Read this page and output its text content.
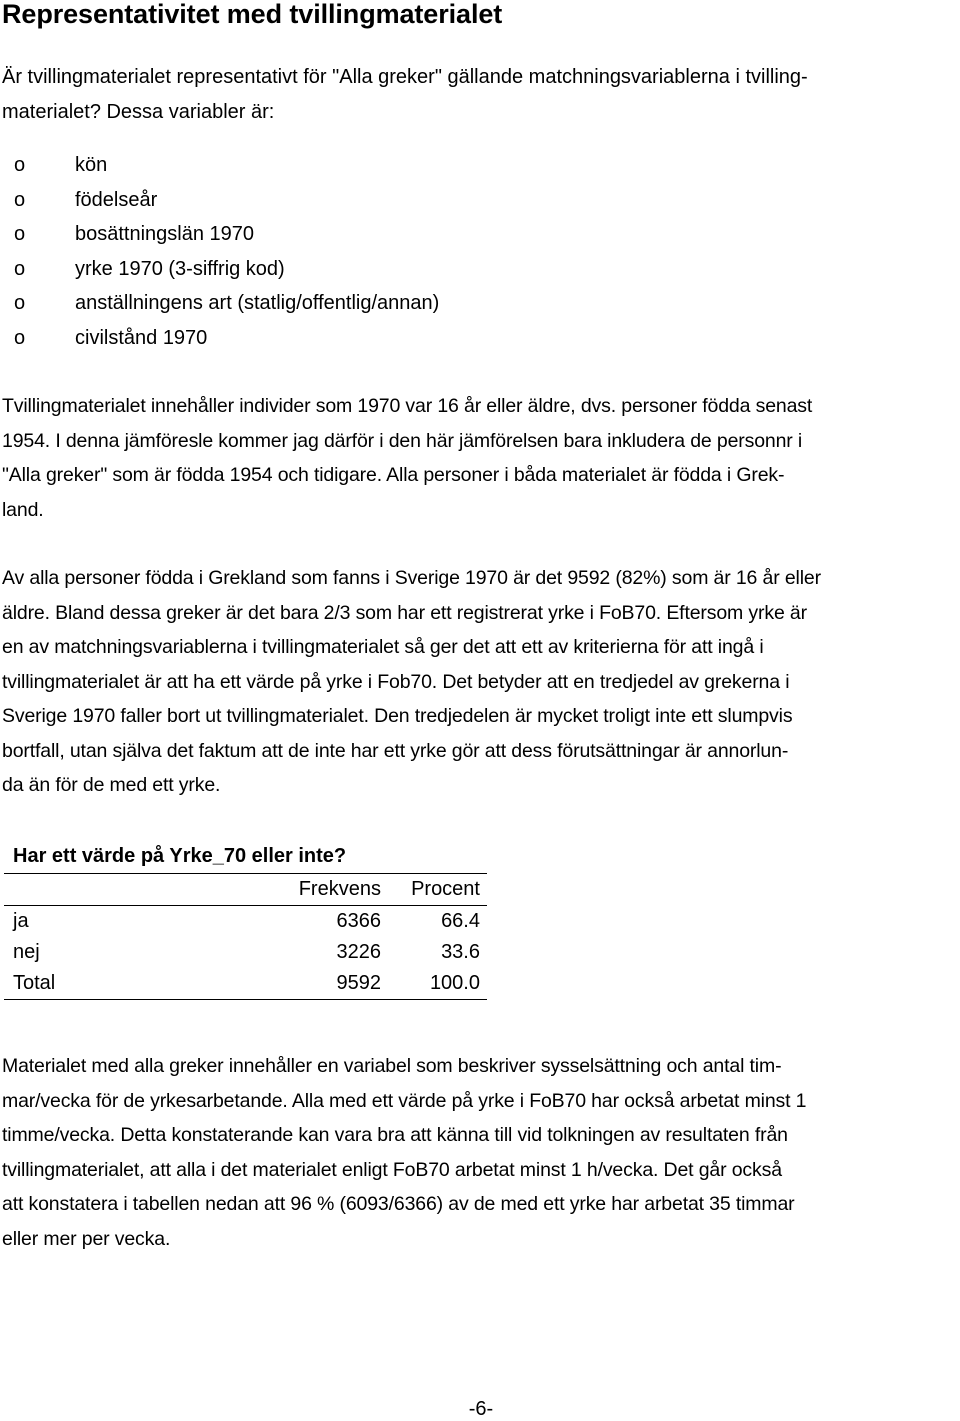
Representativitet med tvillingmaterialet
Är tvillingmaterialet representativt för "Alla greker" gällande matchningsvariablerna i tvilling-
materialet? Dessa variabler är:
o kön
o födelseår
o bosättningslän 1970
o yrke 1970 (3-siffrig kod)
o anställningens art (statlig/offentlig/annan)
o civilstånd 1970
Tvillingmaterialet innehåller individer som 1970 var 16 år eller äldre, dvs. personer födda senast
1954. I denna jämföresle kommer jag därför i den här jämförelsen bara inkludera de personnr i
"Alla greker" som är födda 1954 och tidigare. Alla personer i båda materialet är födda i Grek-
land.
Av alla personer födda i Grekland som fanns i Sverige 1970 är det 9592 (82%) som är 16 år eller
äldre. Bland dessa greker är det bara 2/3 som har ett registrerat yrke i FoB70. Eftersom yrke är
en av matchningsvariablerna i tvillingmaterialet så ger det att ett av kriterierna för att ingå i
tvillingmaterialet är att ha ett värde på yrke i Fob70. Det betyder att en tredjedel av grekerna i
Sverige 1970 faller bort ut tvillingmaterialet. Den tredjedelen är mycket troligt inte ett slumpvis
bortfall, utan själva det faktum att de inte har ett yrke gör att dess förutsättningar är annorlun-
da än för de med ett yrke.
Har ett värde på Yrke_70 eller inte?
	Frekvens	Procent
ja	6366	66.4
nej	3226	33.6
Total	9592	100.0
Materialet med alla greker innehåller en variabel som beskriver sysselsättning och antal tim-
mar/vecka för de yrkesarbetande. Alla med ett värde på yrke i FoB70 har också arbetat minst 1
timme/vecka. Detta konstaterande kan vara bra att känna till vid tolkningen av resultaten från
tvillingmaterialet, att alla i det materialet enligt FoB70 arbetat minst 1 h/vecka. Det går också
att konstatera i tabellen nedan att 96 % (6093/6366) av de med ett yrke har arbetat 35 timmar
eller mer per vecka.
-6-
